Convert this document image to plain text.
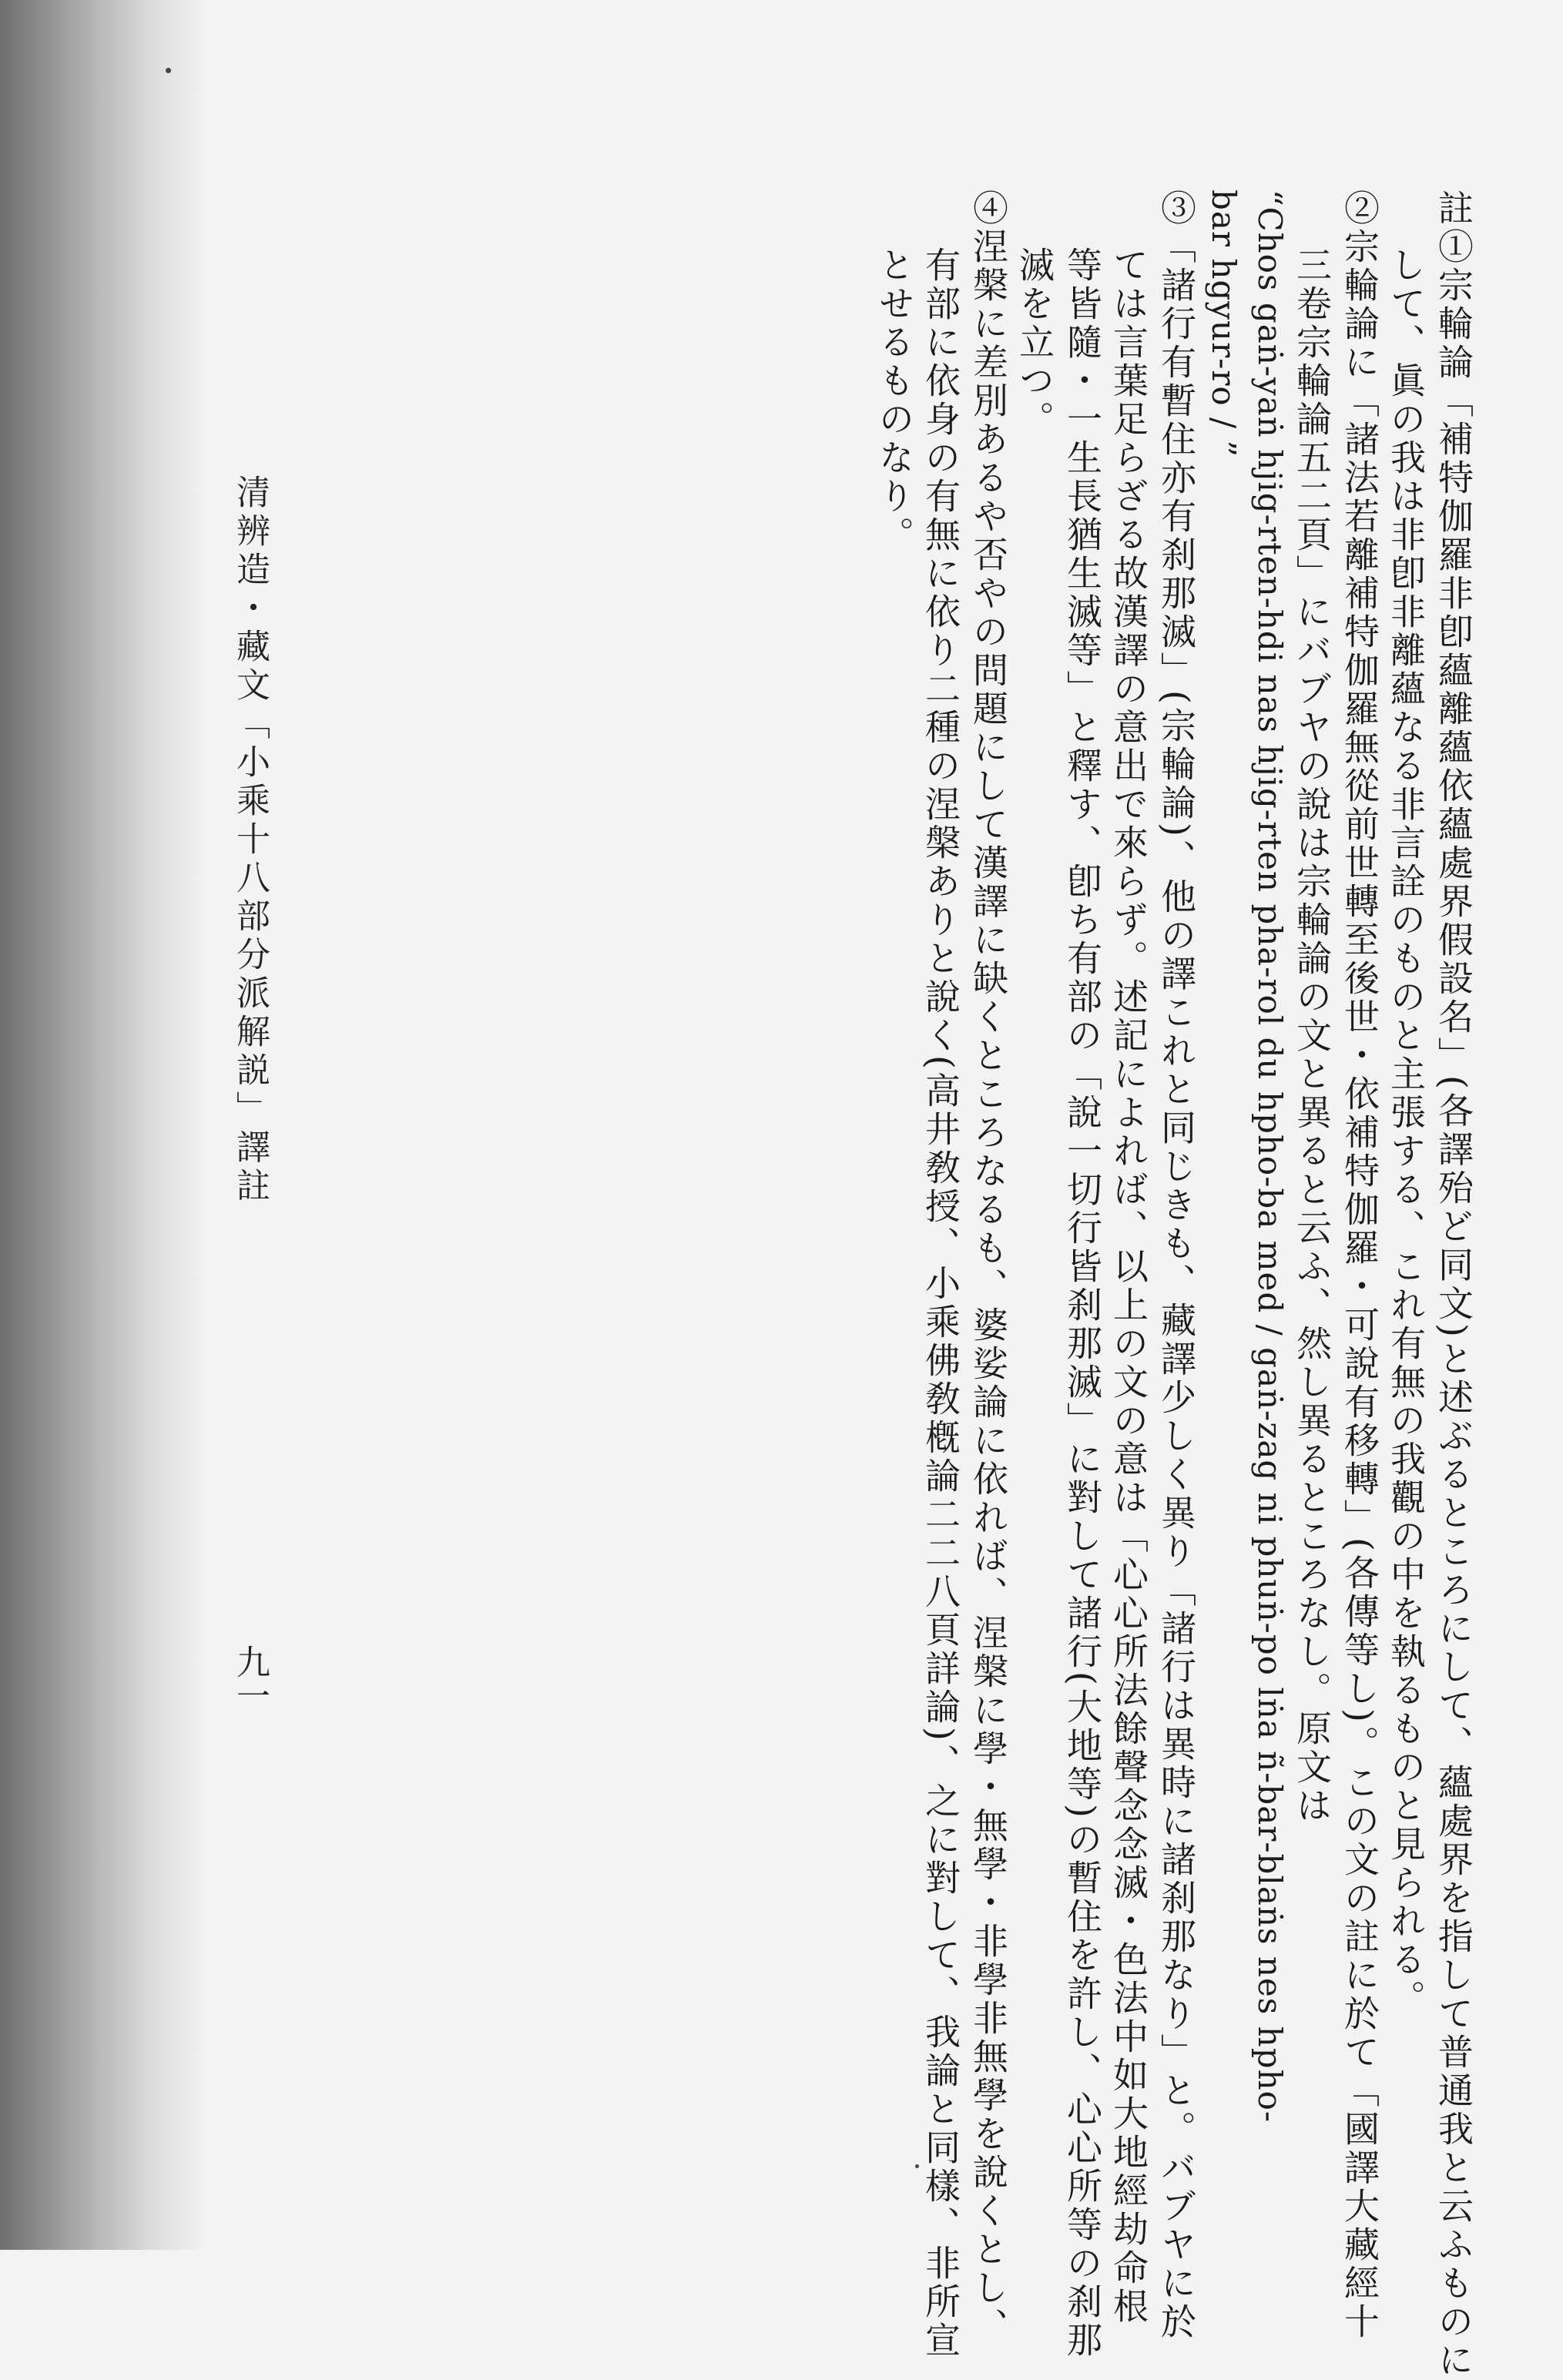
註①宗輪論「補特伽羅非卽蘊離蘊依蘊處界假設名」(各譯殆ど同文)と述ぶるところにして、蘊處界を指して普通我と云ふものに
して、眞の我は非卽非離蘊なる非言詮のものと主張する、これ有無の我觀の中を執るものと見られる。
②宗輪論に「諸法若離補特伽羅無從前世轉至後世・依補特伽羅・可說有移轉」(各傳等し)。この文の註に於て「國譯大藏經十
三卷宗輪論五二頁」にバブヤの說は宗輪論の文と異ると云ふ、然し異るところなし。原文は
“Chos gaṅ-yaṅ hjig-rten-hdi nas hjig-rten pha-rol du hpho-ba med / gaṅ-zag ni phuṅ-po lṅa ñ-bar-blaṅs nes hpho-
bar hgyur-ro / ”
③「諸行有暫住亦有刹那滅」(宗輪論)、他の譯これと同じきも、藏譯少しく異り「諸行は異時に諸刹那なり」と。バブヤに於
ては言葉足らざる故漢譯の意出で來らず。述記によれば、以上の文の意は「心心所法餘聲念念滅・色法中如大地經劫命根
等皆隨・一生長猶生滅等」と釋す、卽ち有部の「說一切行皆刹那滅」に對して諸行(大地等)の暫住を許し、心心所等の刹那
滅を立つ。
④涅槃に差別あるや否やの問題にして漢譯に缺くところなるも、婆娑論に依れば、涅槃に學・無學・非學非無學を說くとし、
有部に依身の有無に依り二種の涅槃ありと說く(高井敎授、小乘佛敎槪論二二八頁詳論)、之に對して、我論と同樣、非所宣
とせるものなり。
清辨造・藏文「小乘十八部分派解説」譯註
九一
